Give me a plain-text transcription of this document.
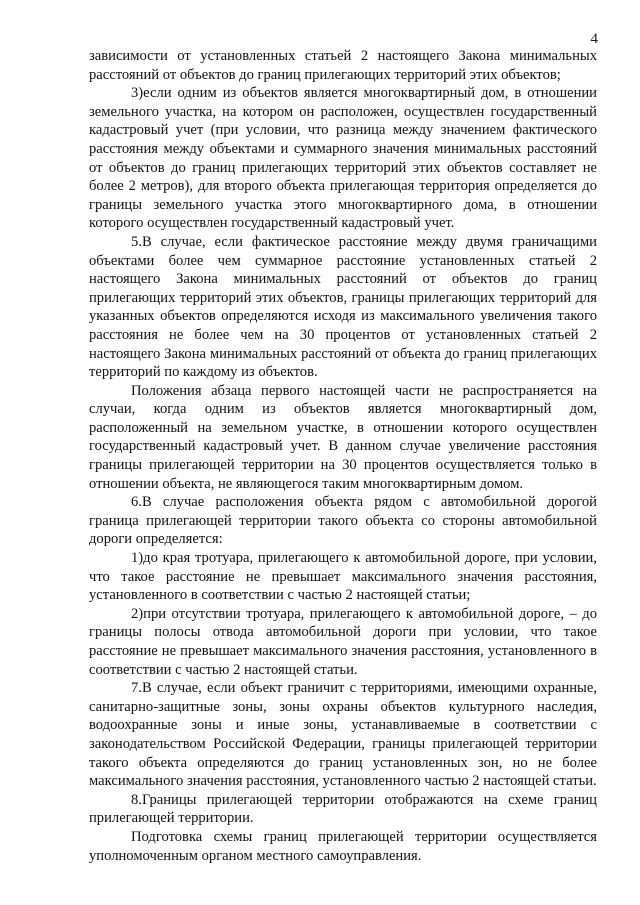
4

зависимости от установленных статьей 2 настоящего Закона минимальных расстояний от объектов до границ прилегающих территорий этих объектов;

3)если одним из объектов является многоквартирный дом, в отношении земельного участка, на котором он расположен, осуществлен государственный кадастровый учет (при условии, что разница между значением фактического расстояния между объектами и суммарного значения минимальных расстояний от объектов до границ прилегающих территорий этих объектов составляет не более 2 метров), для второго объекта прилегающая территория определяется до границы земельного участка этого многоквартирного дома, в отношении которого осуществлен государственный кадастровый учет.

5.В случае, если фактическое расстояние между двумя граничащими объектами более чем суммарное расстояние установленных статьей 2 настоящего Закона минимальных расстояний от объектов до границ прилегающих территорий этих объектов, границы прилегающих территорий для указанных объектов определяются исходя из максимального увеличения такого расстояния не более чем на 30 процентов от установленных статьей 2 настоящего Закона минимальных расстояний от объекта до границ прилегающих территорий по каждому из объектов.

Положения абзаца первого настоящей части не распространяется на случаи, когда одним из объектов является многоквартирный дом, расположенный на земельном участке, в отношении которого осуществлен государственный кадастровый учет. В данном случае увеличение расстояния границы прилегающей территории на 30 процентов осуществляется только в отношении объекта, не являющегося таким многоквартирным домом.

6.В случае расположения объекта рядом с автомобильной дорогой граница прилегающей территории такого объекта со стороны автомобильной дороги определяется:

1)до края тротуара, прилегающего к автомобильной дороге, при условии, что такое расстояние не превышает максимального значения расстояния, установленного в соответствии с частью 2 настоящей статьи;

2)при отсутствии тротуара, прилегающего к автомобильной дороге, – до границы полосы отвода автомобильной дороги при условии, что такое расстояние не превышает максимального значения расстояния, установленного в соответствии с частью 2 настоящей статьи.

7.В случае, если объект граничит с территориями, имеющими охранные, санитарно-защитные зоны, зоны охраны объектов культурного наследия, водоохранные зоны и иные зоны, устанавливаемые в соответствии с законодательством Российской Федерации, границы прилегающей территории такого объекта определяются до границ установленных зон, но не более максимального значения расстояния, установленного частью 2 настоящей статьи.

8.Границы прилегающей территории отображаются на схеме границ прилегающей территории.

Подготовка схемы границ прилегающей территории осуществляется уполномоченным органом местного самоуправления.
